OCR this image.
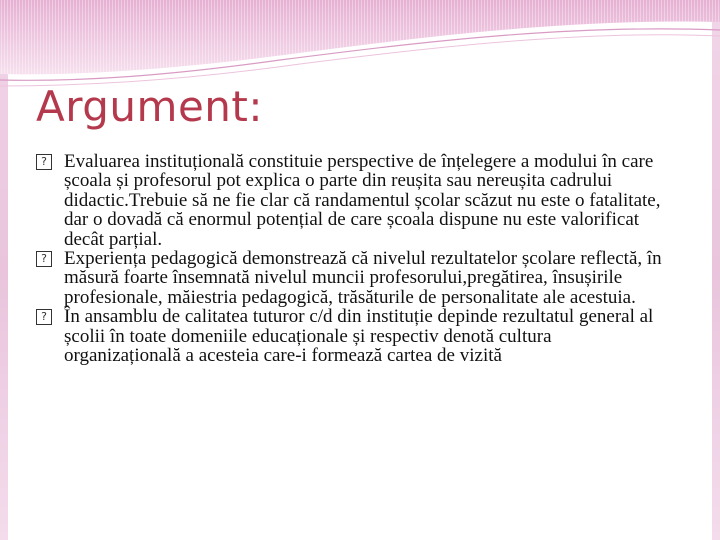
Argument:
? Evaluarea instituțională constituie perspective de înțelegere a modului în care școala și profesorul pot explica o parte din reușita sau nereușita cadrului didactic.Trebuie să ne fie clar că randamentul școlar scăzut nu este o fatalitate, dar o dovadă că enormul potențial de care școala dispune nu este valorificat decât parțial.
? Experiența pedagogică demonstrează că nivelul rezultatelor școlare reflectă, în măsură foarte însemnată nivelul muncii profesorului,pregătirea, însușirile profesionale, măiestria pedagogică, trăsăturile de personalitate ale acestuia.
? În ansamblu de calitatea tuturor c/d din instituție depinde rezultatul general al școlii în toate domeniile educaționale și respectiv denotă cultura organizațională a acesteia care-i formează cartea de vizită
